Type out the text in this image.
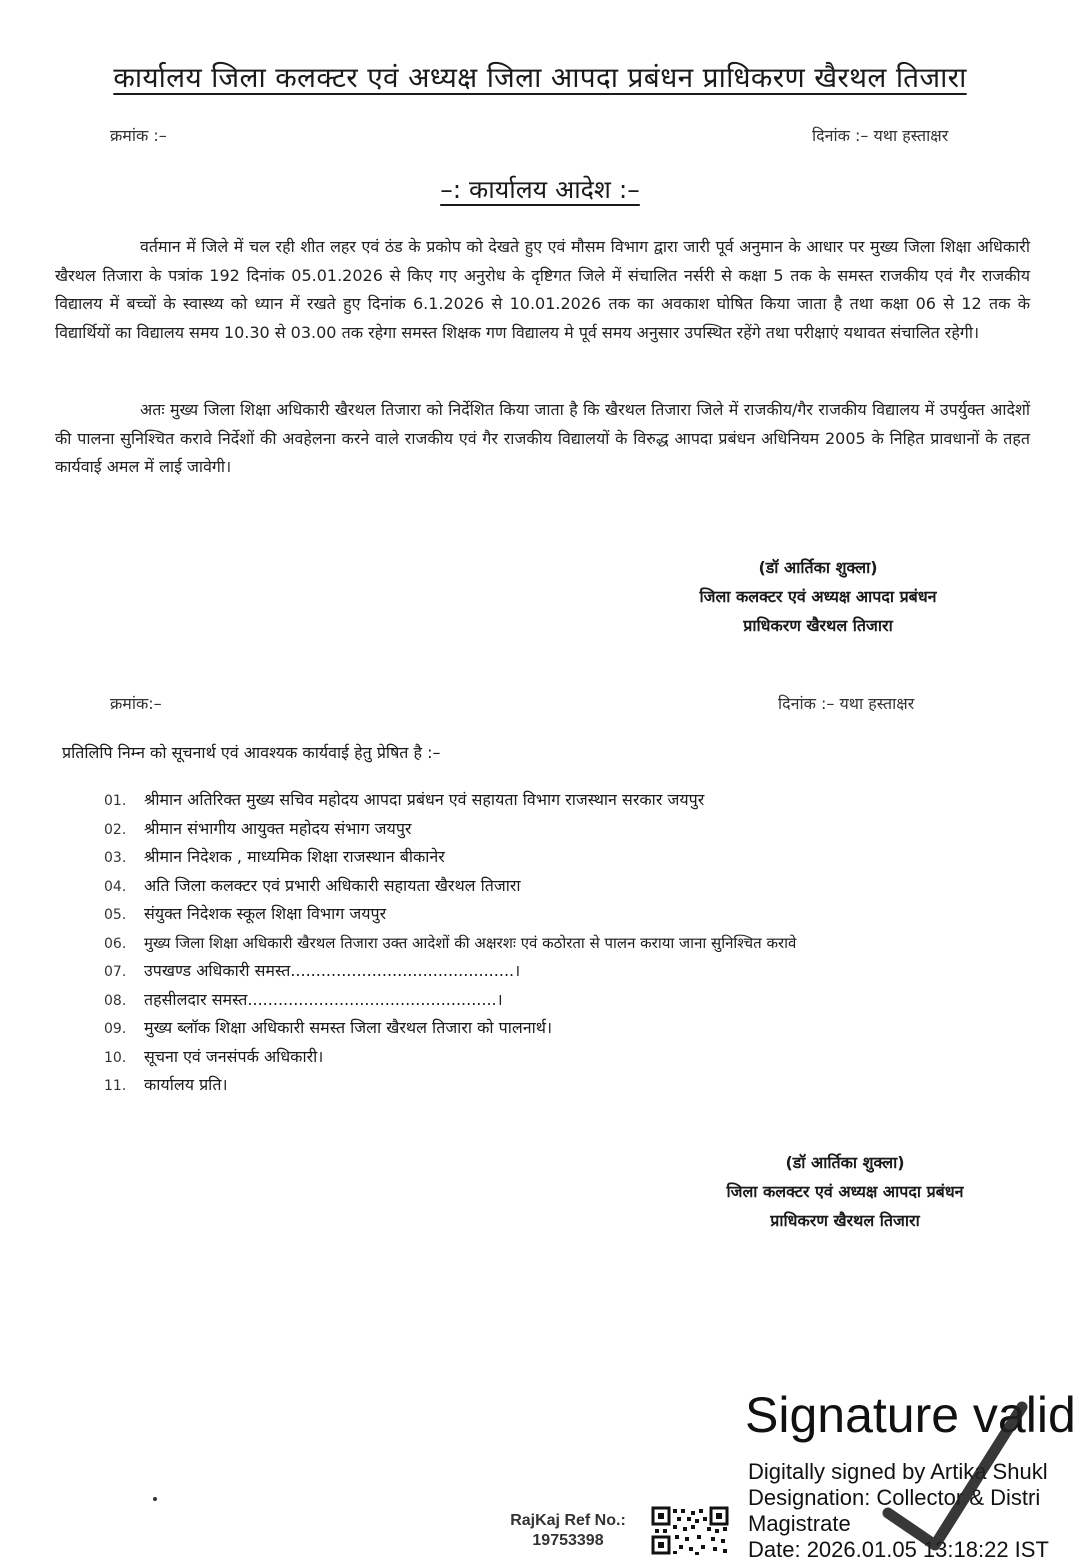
कार्यालय जिला कलक्टर एवं अध्यक्ष जिला आपदा प्रबंधन प्राधिकरण खैरथल तिजारा
क्रमांक :–	दिनांक :– यथा हस्ताक्षर
–: कार्यालय आदेश :–
वर्तमान में जिले में चल रही शीत लहर एवं ठंड के प्रकोप को देखते हुए एवं मौसम विभाग द्वारा जारी पूर्व अनुमान के आधार पर मुख्य जिला शिक्षा अधिकारी खैरथल तिजारा के पत्रांक 192 दिनांक 05.01.2026 से किए गए अनुरोध के दृष्टिगत जिले में संचालित नर्सरी से कक्षा 5 तक के समस्त राजकीय एवं गैर राजकीय विद्यालय में बच्चों के स्वास्थ्य को ध्यान में रखते हुए दिनांक 6.1.2026 से 10.01.2026 तक का अवकाश घोषित किया जाता है तथा कक्षा 06 से 12 तक के विद्यार्थियों का विद्यालय समय 10.30 से 03.00 तक रहेगा समस्त शिक्षक गण विद्यालय मे पूर्व समय अनुसार उपस्थित रहेंगे तथा परीक्षाएं यथावत संचालित रहेगी।
अतः मुख्य जिला शिक्षा अधिकारी खैरथल तिजारा को निर्देशित किया जाता है कि खैरथल तिजारा जिले में राजकीय/गैर राजकीय विद्यालय में उपर्युक्त आदेशों की पालना सुनिश्चित करावे निर्देशों की अवहेलना करने वाले राजकीय एवं गैर राजकीय विद्यालयों के विरुद्ध आपदा प्रबंधन अधिनियम 2005 के निहित प्रावधानों के तहत कार्यवाई अमल में लाई जावेगी।
(डॉ आर्तिका शुक्ला)
जिला कलक्टर एवं अध्यक्ष आपदा प्रबंधन
प्राधिकरण खैरथल तिजारा
क्रमांक:–	दिनांक :– यथा हस्ताक्षर
प्रतिलिपि निम्न को सूचनार्थ एवं आवश्यक कार्यवाई हेतु प्रेषित है :–
01. श्रीमान अतिरिक्त मुख्य सचिव महोदय आपदा प्रबंधन एवं सहायता विभाग राजस्थान सरकार जयपुर
02. श्रीमान संभागीय आयुक्त महोदय संभाग जयपुर
03. श्रीमान निदेशक , माध्यमिक शिक्षा राजस्थान बीकानेर
04. अति जिला कलक्टर एवं प्रभारी अधिकारी सहायता खैरथल तिजारा
05. संयुक्त निदेशक स्कूल शिक्षा विभाग जयपुर
06. मुख्य जिला शिक्षा अधिकारी खैरथल तिजारा उक्त आदेशों की अक्षरशः एवं कठोरता से पालन कराया जाना सुनिश्चित करावे
07. उपखण्ड अधिकारी समस्त............................................।
08. तहसीलदार समस्त.................................................।
09. मुख्य ब्लॉक शिक्षा अधिकारी समस्त जिला खैरथल तिजारा को पालनार्थ।
10. सूचना एवं जनसंपर्क अधिकारी।
11. कार्यालय प्रति।
(डॉ आर्तिका शुक्ला)
जिला कलक्टर एवं अध्यक्ष आपदा प्रबंधन
प्राधिकरण खैरथल तिजारा
RajKaj Ref No.:
19753398
Signature valid
Digitally signed by Artika Shukl
Designation: Collector & Distri
Magistrate
Date: 2026.01.05 13:18:22 IST
